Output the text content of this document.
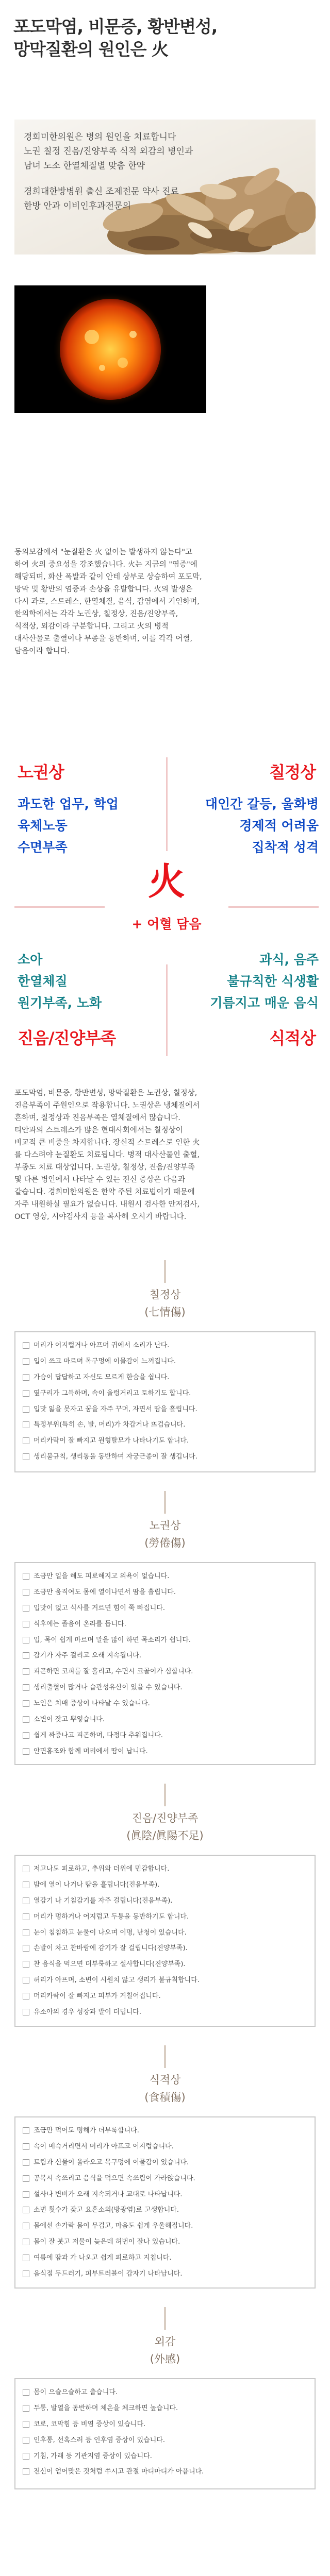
포도막염, 비문증, 황반변성,
망막질환의 원인은 火
경희미한의원은 병의 원인을 치료합니다
노권 칠정 진음/진양부족 식적 외감의 병인과
남녀 노소 한열체질별 맞춤 한약
경희대한방병원 출신 조제전문 약사 진료
한방 안과 이비인후과전문의
동의보감에서 "눈질환은 火 없이는 발생하지 않는다"고
하여 火의 중요성을 강조했습니다. 火는 지금의 "염증"에
해당되며, 화산 폭발과 같이 안테 상부로 상승하여 포도막,
망막 및 황반의 염증과 손상을 유발합니다. 火의 발생은
다시 과로, 스트레스, 한열체질, 음식, 감염에서 기인하며,
한의학에서는 각각 노권상, 칠정상, 진음/진양부족,
식적상, 외감이라 구분합니다. 그리고 火의 병적
대사산물로 출혈이나 부종을 동반하며, 이를 각각 어혈,
담음이라 합니다.
노권상
과도한 업무, 학업
육체노동
수면부족
칠정상
대인간 갈등, 울화병
경제적 어려움
집착적 성격
소아
한열체질
원기부족, 노화
진음/진양부족
과식, 음주
불규칙한 식생활
기름지고 매운 음식
식적상
火
+ 어혈 담음
포도막염, 비문증, 황반변성, 망막질환은 노권상, 칠정상,
진음부족이 주원인으로 작용합니다. 노권상은 냉체질에서
흔하며, 칠정상과 진음부족은 열체질에서 많습니다.
티안과의 스트레스가 많은 현대사회에서는 칠정상이
비교적 큰 비중을 차지합니다. 장신적 스트레스로 인한 火
를 다스려야 눈질환도 치료됩니다. 병적 대사산물인 출혈,
부종도 치료 대상입니다. 노권상, 칠정상, 진음/진양부족
및 다른 병인에서 나타날 수 있는 전신 증상은 다음과
같습니다. 경희미한의원은 한약 주된 치료법이기 때문에
자주 내원하실 필요가 없습니다. 내원시 검사한 안저검사,
OCT 영상, 시야검사지 등을 복사해 오시기 바랍니다.
칠정상
(七情傷)
머리가 어지럽거나 아프며 귀에서 소리가 난다.
입이 쓰고 마르며 목구멍에 이물감이 느껴집니다.
가슴이 답답하고 자신도 모르게 한숨을 쉽니다.
옆구리가 그득하며, 속이 울렁거리고 토하기도 합니다.
입맛 잃을 못자고 꿈을 자주 꾸며, 자면서 땀을 흘립니다.
특정부위(특히 손, 발, 머리)가 차갑거나 뜨겁습니다.
머리카락이 잘 빠지고 원형탈모가 나타나기도 합니다.
생리불규칙, 생리통을 동반하며 자궁근종이 잘 생깁니다.
노권상
(勞倦傷)
조금만 일을 해도 피로해지고 의욕이 없습니다.
조금만 움직여도 몸에 열이나면서 땀을 흘립니다.
입맛이 없고 식사를 거르면 힘이 쭉 빠집니다.
식후에는 졸음이 온라를 듭니다.
입, 목이 쉽게 마르며 말을 많이 하면 목소리가 쉽니다.
감기가 자주 걸리고 오래 지속됩니다.
피곤하면 코피를 잘 흘리고, 수면시 코골이가 심합니다.
생리출혈이 많거나 습관성유산이 있을 수 있습니다.
노인은 치매 증상이 나타날 수 있습니다.
소변이 잦고 뿌옇습니다.
쉽게 짜증나고 피곤하며, 다정다 추워집니다.
안면홍조와 함께 머리에서 땀이 납니다.
진음/진양부족
(眞陰/眞陽不足)
저고나도 피로하고, 추위와 더위에 민감합니다.
밤에 열이 나거나 땀을 흘립니다(진음부족).
열감기 나 기침감기를 자주 걸립니다(진음부족).
머리가 멍하거나 어지럽고 두통을 동반하기도 합니다.
눈이 침침하고 눈물이 나오며 이명, 난청이 있습니다.
손발이 차고 찬바람에 감기가 잘 걸립니다(진양부족).
찬 음식을 먹으면 더부룩하고 설사합니다(진양부족).
허리가 아프며, 소변이 시원치 않고 생리가 불규칙합니다.
머리카락이 잘 빠지고 피부가 거칠어집니다.
유소아의 경우 성장과 발이 더딥니다.
식적상
(食積傷)
조금만 먹어도 명해가 더부룩합니다.
속이 메슥거리면서 머리가 아프고 어지럽습니다.
트림과 신물이 올라오고 목구멍에 이물감이 있습니다.
공복시 속쓰리고 음식을 먹으면 속쓰림이 가라앉습니다.
설사나 변비가 오래 지속되거나 교대로 나타납니다.
소변 횟수가 잦고 요흔소의(방광염)로 고생합니다.
몸에선 손가락 몸이 무겁고, 마음도 쉽게 우울해집니다.
몸이 잘 붓고 저물이 늦은데 허번이 잘나 있습니다.
여름에 땀과 가 나오고 쉽게 피로하고 지칩니다.
음식점 두드러기, 피부트러블이 갑자기 나타납니다.
외감
(外感)
몸이 으슬으슬하고 춥습니다.
두통, 발열을 동반하며 체온을 체크하면 높습니다.
코로, 코막힘 등 비염 증상이 있습니다.
인후통, 선혹스러 등 인후염 증상이 있습니다.
기침, 가래 등 기관지염 증상이 있습니다.
전신이 얻어맞은 것처럼 쑤시고 관절 마디마디가 아픕니다.
